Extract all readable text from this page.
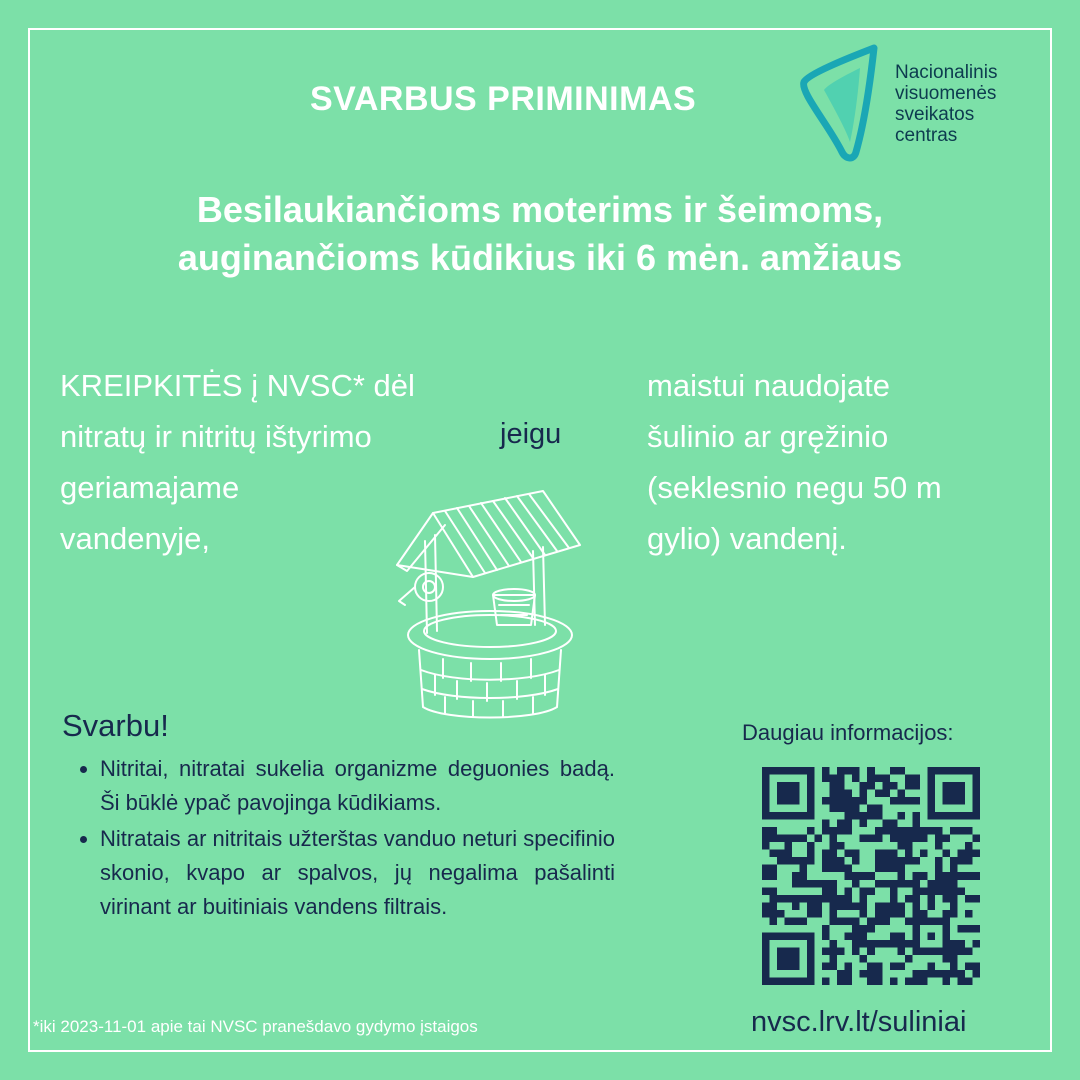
SVARBUS PRIMINIMAS
Nacionalinis
visuomenės
sveikatos
centras
Besilaukiančioms moterims ir šeimoms,
auginančioms kūdikius iki 6 mėn. amžiaus
KREIPKITĖS į NVSC* dėl
nitratų ir nitritų ištyrimo
geriamajame
vandenyje,
jeigu
maistui naudojate
šulinio ar gręžinio
(seklesnio negu 50 m
gylio) vandenį.
Svarbu!
Nitritai, nitratai sukelia organizme deguonies badą. Ši būklė ypač pavojinga kūdikiams.
Nitratais ar nitritais užterštas vanduo neturi specifinio skonio, kvapo ar spalvos, jų negalima pašalinti virinant ar buitiniais vandens filtrais.
*iki 2023-11-01 apie tai NVSC pranešdavo gydymo įstaigos
Daugiau informacijos:
nvsc.lrv.lt/suliniai
